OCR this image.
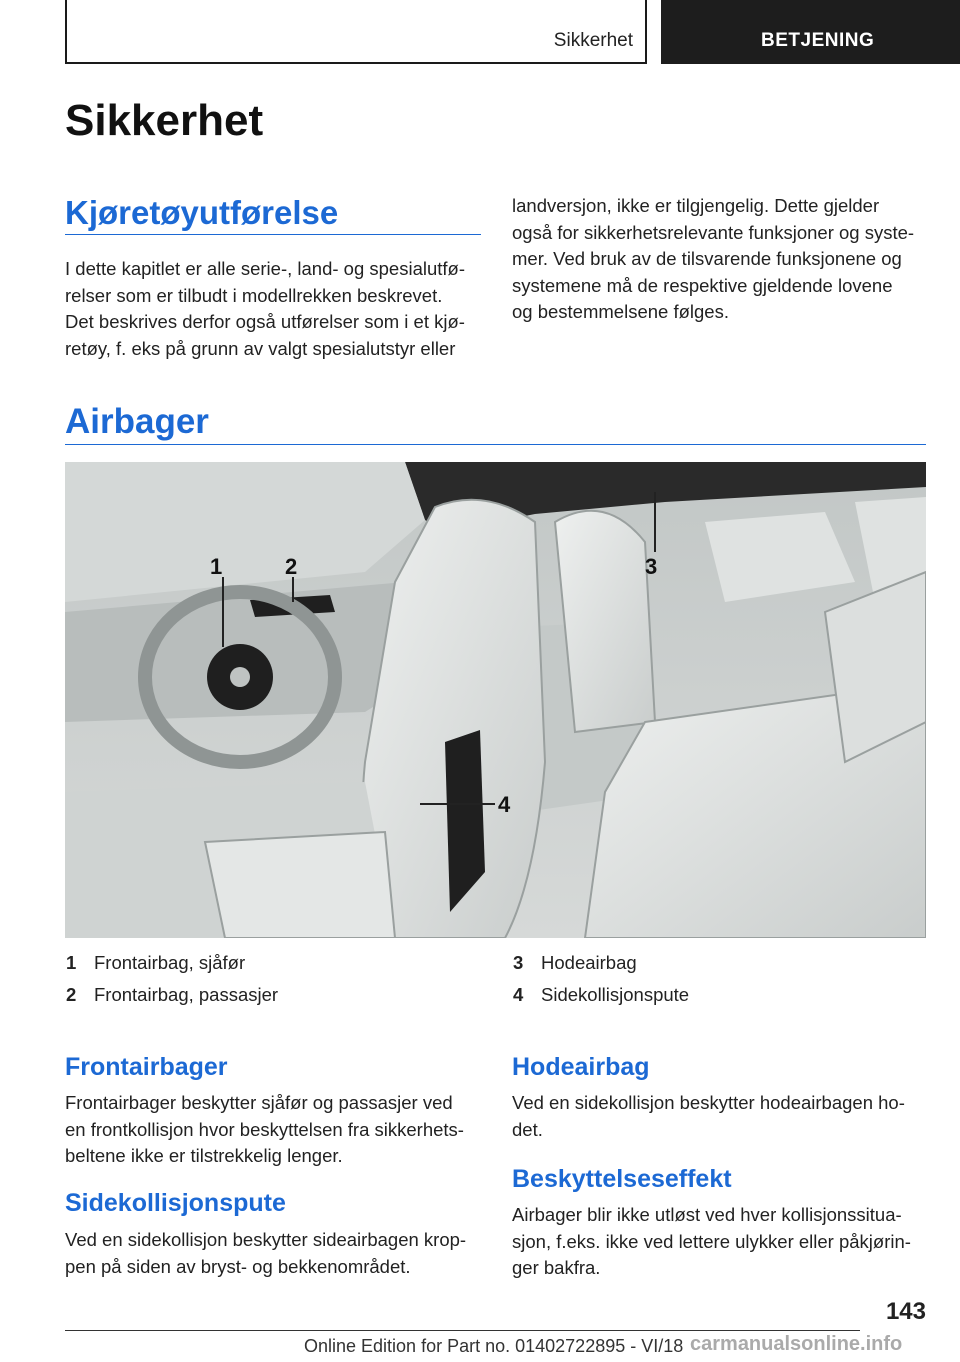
Sikkerhet	BETJENING
Sikkerhet
Kjøretøyutførelse
I dette kapitlet er alle serie-, land- og spesialutfø-
relser som er tilbudt i modellrekken beskrevet.
Det beskrives derfor også utførelser som i et kjø-
retøy, f. eks på grunn av valgt spesialutstyr eller
landversjon, ikke er tilgjengelig. Dette gjelder
også for sikkerhetsrelevante funksjoner og syste-
mer. Ved bruk av de tilsvarende funksjonene og
systemene må de respektive gjeldende lovene
og bestemmelsene følges.
Airbager
1	2	3
4
1 Frontairbag, sjåfør
2 Frontairbag, passasjer
3 Hodeairbag
4 Sidekollisjonspute
Frontairbager
Frontairbager beskytter sjåfør og passasjer ved
en frontkollisjon hvor beskyttelsen fra sikkerhets-
beltene ikke er tilstrekkelig lenger.
Sidekollisjonspute
Ved en sidekollisjon beskytter sideairbagen krop-
pen på siden av bryst- og bekkenområdet.
Hodeairbag
Ved en sidekollisjon beskytter hodeairbagen ho-
det.
Beskyttelseseffekt
Airbager blir ikke utløst ved hver kollisjonssitua-
sjon, f.eks. ikke ved lettere ulykker eller påkjørin-
ger bakfra.
143
Online Edition for Part no. 01402722895 - VI/18 carmanualsonline.info
